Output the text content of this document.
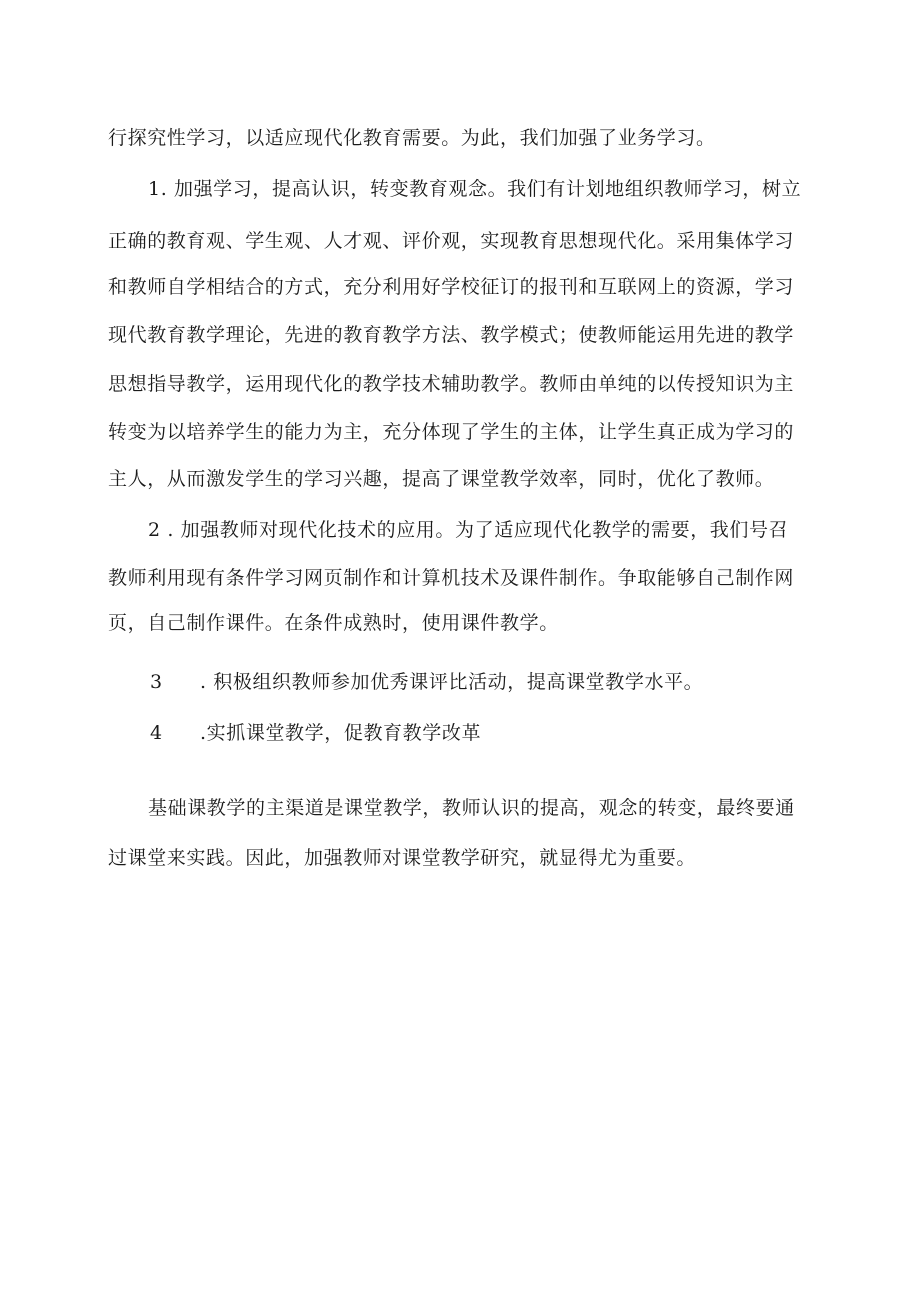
行探究性学习，以适应现代化教育需要。为此，我们加强了业务学习。
1. 加强学习，提高认识，转变教育观念。我们有计划地组织教师学习，树立
正确的教育观、学生观、人才观、评价观，实现教育思想现代化。采用集体学习
和教师自学相结合的方式，充分利用好学校征订的报刊和互联网上的资源，学习
现代教育教学理论，先进的教育教学方法、教学模式；使教师能运用先进的教学
思想指导教学，运用现代化的教学技术辅助教学。教师由单纯的以传授知识为主
转变为以培养学生的能力为主，充分体现了学生的主体，让学生真正成为学习的
主人，从而激发学生的学习兴趣，提高了课堂教学效率，同时，优化了教师。
2 . 加强教师对现代化技术的应用。为了适应现代化教学的需要，我们号召
教师利用现有条件学习网页制作和计算机技术及课件制作。争取能够自己制作网
页，自己制作课件。在条件成熟时，使用课件教学。
3 . 积极组织教师参加优秀课评比活动，提高课堂教学水平。
4 .实抓课堂教学，促教育教学改革
基础课教学的主渠道是课堂教学，教师认识的提高，观念的转变，最终要通
过课堂来实践。因此，加强教师对课堂教学研究，就显得尤为重要。
